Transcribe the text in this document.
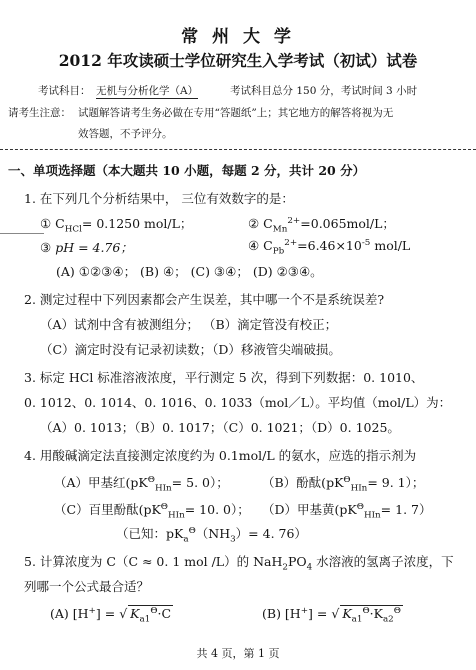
常 州 大 学
2012 年攻读硕士学位研究生入学考试（初试）试卷
考试科目： 无机与分析化学（A）	考试科目总分 150 分，考试时间 3 小时
请考生注意： 试题解答请考生务必做在专用“答题纸”上；其它地方的解答将视为无
效答题，不予评分。
一、单项选择题（本大题共 10 小题，每题 2 分，共计 20 分）
1. 在下列几个分析结果中， 三位有效数字的是：
① $C_{HCl}= 0.1250$ mol/L；	② $C_{Mn}^{2+}=0.065mol/L$；
③ pH = 4.76；	④ $C_{Pb}^{2+}=6.46\times 10^{-5}$ mol/L
(A) ①②③④； (B) ④； (C) ③④； (D) ②③④。
2. 测定过程中下列因素都会产生误差，其中哪一个不是系统误差?
（A）试剂中含有被测组分； （B）滴定管没有校正；
（C）滴定时没有记录初读数；（D）移液管尖端破损。
3. 标定 HCl 标准溶液浓度，平行测定 5 次，得到下列数据：0. 1010、
0. 1012、0. 1014、0. 1016、0. 1033（mol／L）。平均值（mol/L）为：
（A）0. 1013；（B）0. 1017；（C）0. 1021；（D）0. 1025。
4. 用酸碱滴定法直接测定浓度约为 0.1mol/L 的氨水，应选的指示剂为
（A）甲基红($pK^\Theta_{HIn}= 5$. 0）；	（B）酚酞($pK^\Theta_{HIn}= 9$. 1）；
（C）百里酚酞($pK^\Theta_{HIn}= 10$. 0）； （D）甲基黄($pK^\Theta_{HIn}= 1$. 7）
（已知：$pK_a^\Theta(NH_3)= 4$. 76）
5. 计算浓度为 C（C ≈ 0. 1 mol /L）的 $NaH_2PO_4$ 水溶液的氢离子浓度，下
列哪一个公式最合适？
(A) [H+] = √ $K_{a1}^\Theta\cdot C$	(B) [H+] = √ $K_{a1}^\Theta\cdot K_{a2}^\Theta$
共 4 页，第 1 页
